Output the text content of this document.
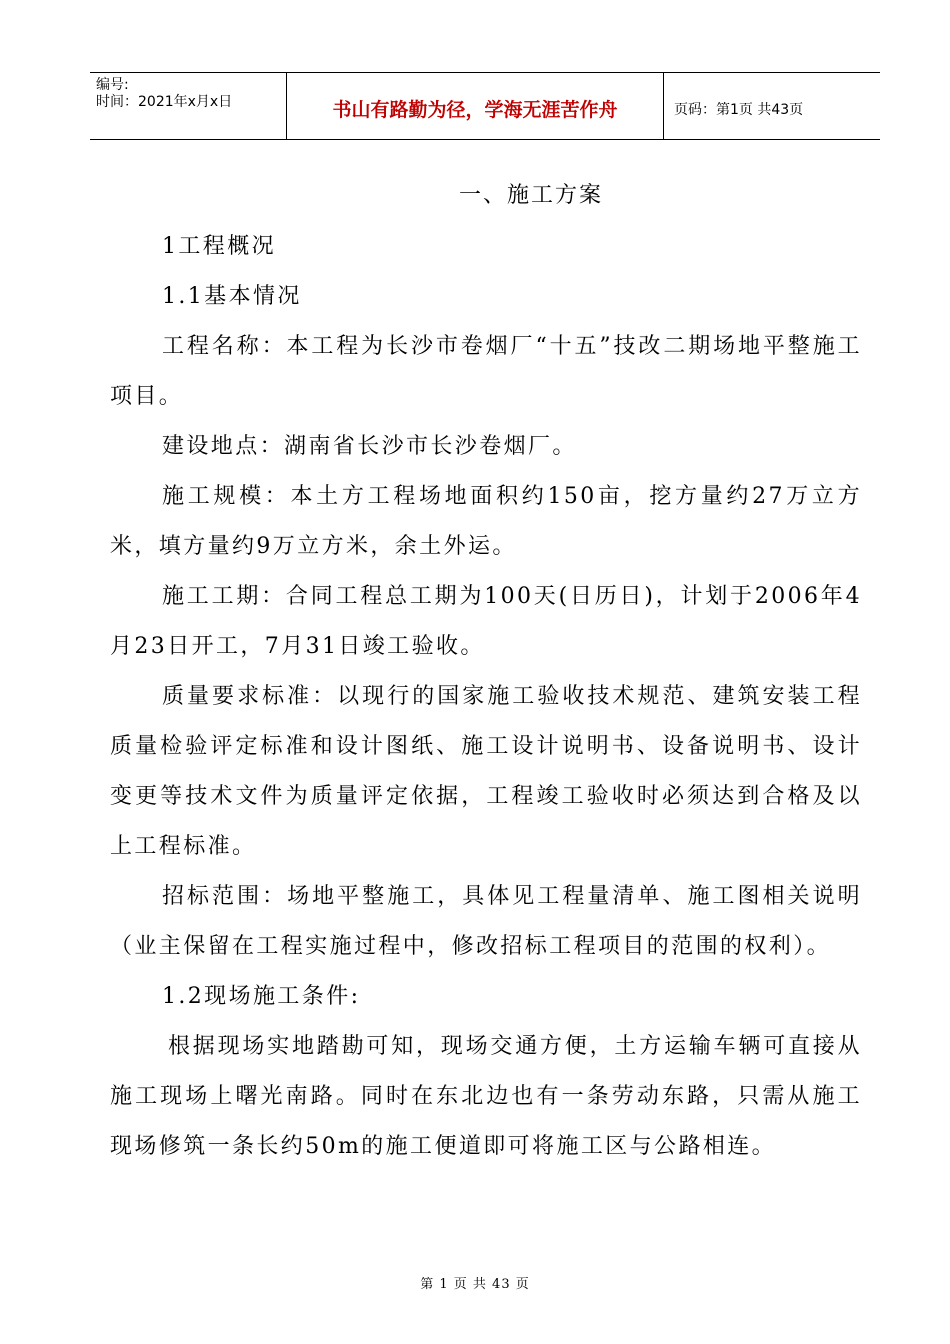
编号:
时间：2021年x月x日	书山有路勤为径，学海无涯苦作舟	页码：第1页 共43页
一、施工方案

1工程概况

1.1基本情况

工程名称：本工程为长沙市卷烟厂“十五”技改二期场地平整施工项目。

建设地点：湖南省长沙市长沙卷烟厂。

施工规模：本土方工程场地面积约150亩，挖方量约27万立方米，填方量约9万立方米，余土外运。

施工工期：合同工程总工期为100天(日历日)，计划于2006年4月23日开工，7月31日竣工验收。

质量要求标准：以现行的国家施工验收技术规范、建筑安装工程质量检验评定标准和设计图纸、施工设计说明书、设备说明书、设计变更等技术文件为质量评定依据，工程竣工验收时必须达到合格及以上工程标准。

招标范围：场地平整施工，具体见工程量清单、施工图相关说明（业主保留在工程实施过程中，修改招标工程项目的范围的权利）。

1.2现场施工条件:

根据现场实地踏勘可知，现场交通方便，土方运输车辆可直接从施工现场上曙光南路。同时在东北边也有一条劳动东路，只需从施工现场修筑一条长约50m的施工便道即可将施工区与公路相连。

第 1 页 共 43 页
